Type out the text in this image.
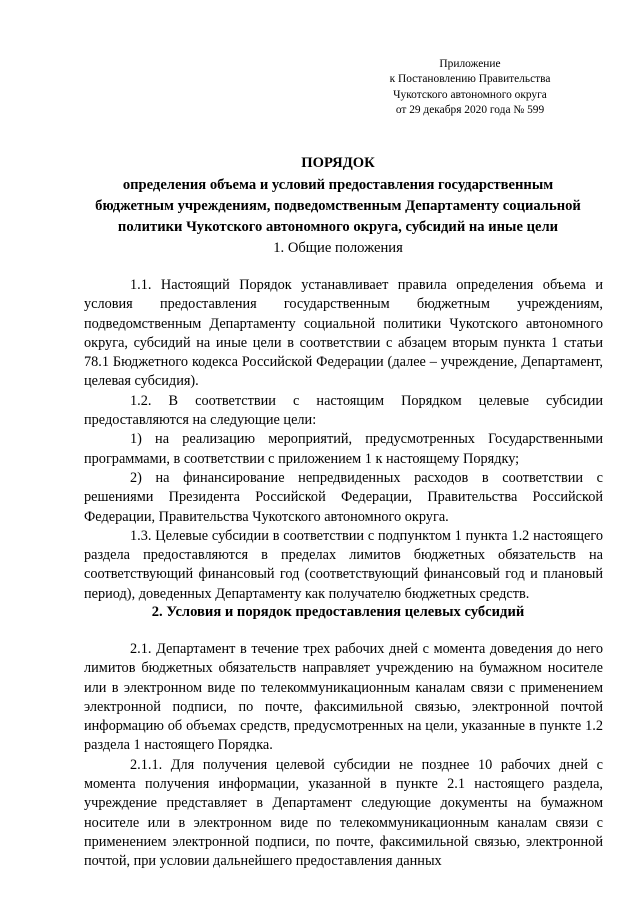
Приложение
к Постановлению Правительства
Чукотского автономного округа
от 29 декабря 2020 года № 599
ПОРЯДОК
определения объема и условий предоставления государственным
бюджетным учреждениям, подведомственным Департаменту социальной
политики Чукотского автономного округа, субсидий на иные цели
1. Общие положения

1.1. Настоящий Порядок устанавливает правила определения объема и условия предоставления государственным бюджетным учреждениям, подведомственным Департаменту социальной политики Чукотского автономного округа, субсидий на иные цели в соответствии с абзацем вторым пункта 1 статьи 78.1 Бюджетного кодекса Российской Федерации (далее – учреждение, Департамент, целевая субсидия).

1.2. В соответствии с настоящим Порядком целевые субсидии предоставляются на следующие цели:

1) на реализацию мероприятий, предусмотренных Государственными программами, в соответствии с приложением 1 к настоящему Порядку;

2) на финансирование непредвиденных расходов в соответствии с решениями Президента Российской Федерации, Правительства Российской Федерации, Правительства Чукотского автономного округа.

1.3. Целевые субсидии в соответствии с подпунктом 1 пункта 1.2 настоящего раздела предоставляются в пределах лимитов бюджетных обязательств на соответствующий финансовый год (соответствующий финансовый год и плановый период), доведенных Департаменту как получателю бюджетных средств.

2. Условия и порядок предоставления целевых субсидий

2.1. Департамент в течение трех рабочих дней с момента доведения до него лимитов бюджетных обязательств направляет учреждению на бумажном носителе или в электронном виде по телекоммуникационным каналам связи с применением электронной подписи, по почте, факсимильной связью, электронной почтой информацию об объемах средств, предусмотренных на цели, указанные в пункте 1.2 раздела 1 настоящего Порядка.

2.1.1. Для получения целевой субсидии не позднее 10 рабочих дней с момента получения информации, указанной в пункте 2.1 настоящего раздела, учреждение представляет в Департамент следующие документы на бумажном носителе или в электронном виде по телекоммуникационным каналам связи с применением электронной подписи, по почте, факсимильной связью, электронной почтой, при условии дальнейшего предоставления данных
